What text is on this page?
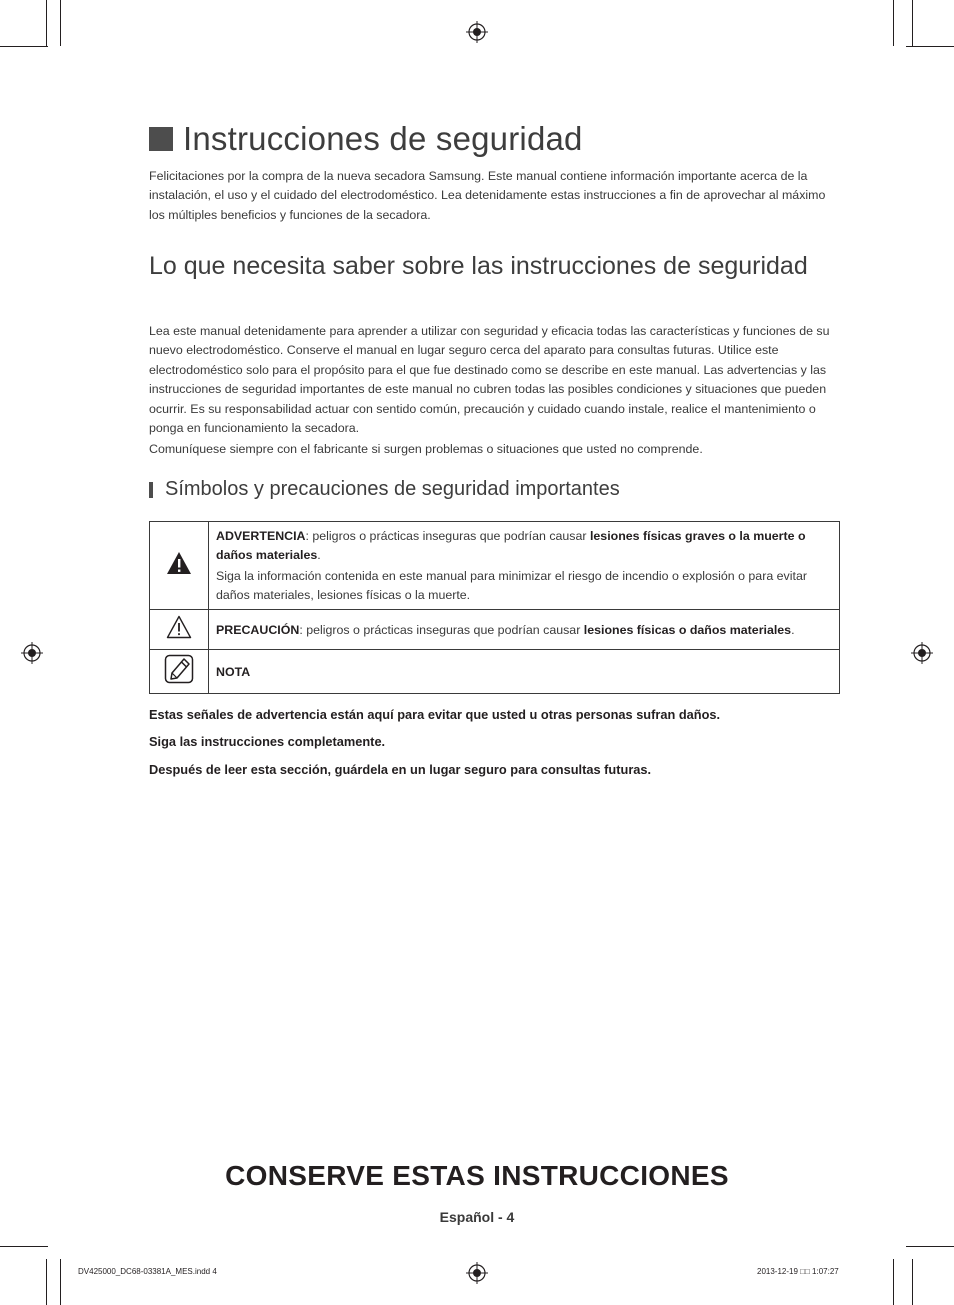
Instrucciones de seguridad
Felicitaciones por la compra de la nueva secadora Samsung. Este manual contiene información importante acerca de la instalación, el uso y el cuidado del electrodoméstico. Lea detenidamente estas instrucciones a fin de aprovechar al máximo los múltiples beneficios y funciones de la secadora.
Lo que necesita saber sobre las instrucciones de seguridad
Lea este manual detenidamente para aprender a utilizar con seguridad y eficacia todas las características y funciones de su nuevo electrodoméstico. Conserve el manual en lugar seguro cerca del aparato para consultas futuras. Utilice este electrodoméstico solo para el propósito para el que fue destinado como se describe en este manual. Las advertencias y las instrucciones de seguridad importantes de este manual no cubren todas las posibles condiciones y situaciones que pueden ocurrir. Es su responsabilidad actuar con sentido común, precaución y cuidado cuando instale, realice el mantenimiento o ponga en funcionamiento la secadora.
Comuníquese siempre con el fabricante si surgen problemas o situaciones que usted no comprende.
Símbolos y precauciones de seguridad importantes

ADVERTENCIA: peligros o prácticas inseguras que podrían causar lesiones físicas graves o la muerte o daños materiales.
Siga la información contenida en este manual para minimizar el riesgo de incendio o explosión o para evitar daños materiales, lesiones físicas o la muerte.

	PRECAUCIÓN: peligros o prácticas inseguras que podrían causar lesiones físicas o daños materiales.
	NOTA
Estas señales de advertencia están aquí para evitar que usted u otras personas sufran daños.
Siga las instrucciones completamente.
Después de leer esta sección, guárdela en un lugar seguro para consultas futuras.
CONSERVE ESTAS INSTRUCCIONES
Español - 4
DV425000_DC68-03381A_MES.indd 4	2013-12-19 □□ 1:07:27
